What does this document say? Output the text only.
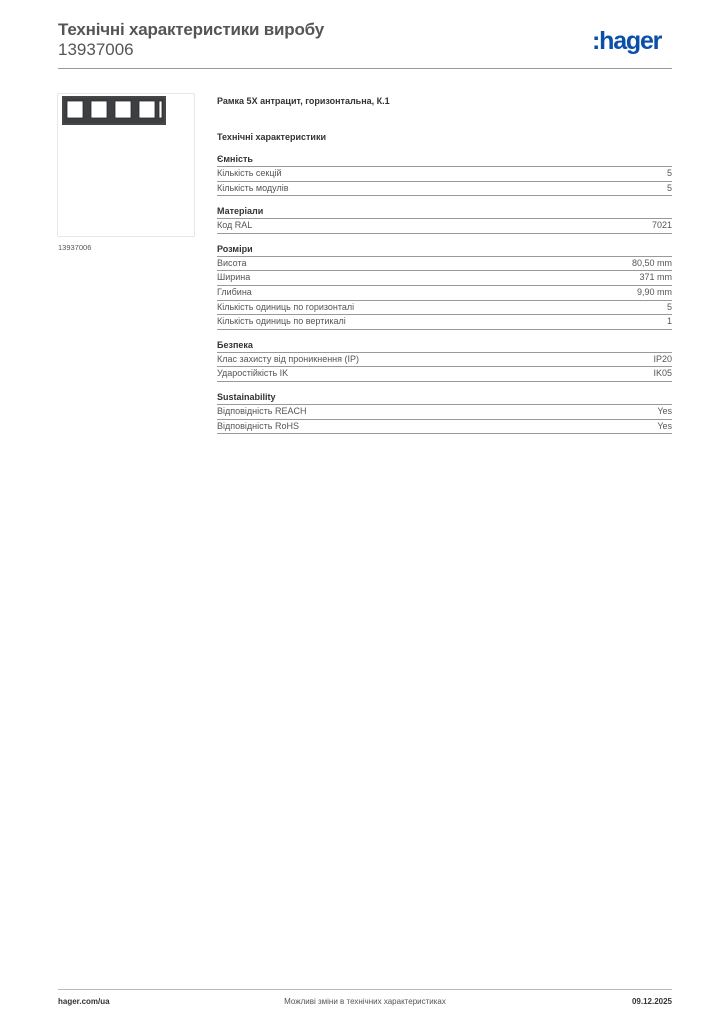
Технічні характеристики виробу
13937006	:hager
13937006
Рамка 5Х антрацит, горизонтальна, К.1
Технічні характеристики
Ємність
Кількість секцій	5
Кількість модулів	5
Матеріали
Код RAL	7021
Розміри
Висота	80,50 mm
Ширина	371 mm
Глибина	9,90 mm
Кількість одиниць по горизонталі	5
Кількість одиниць по вертикалі	1
Безпека
Клас захисту від проникнення (IP)	IP20
Ударостійкість IK	IK05
Sustainability
Відповідність REACH	Yes
Відповідність RoHS	Yes
hager.com/ua	Можливі зміни в технічних характеристиках	09.12.2025
